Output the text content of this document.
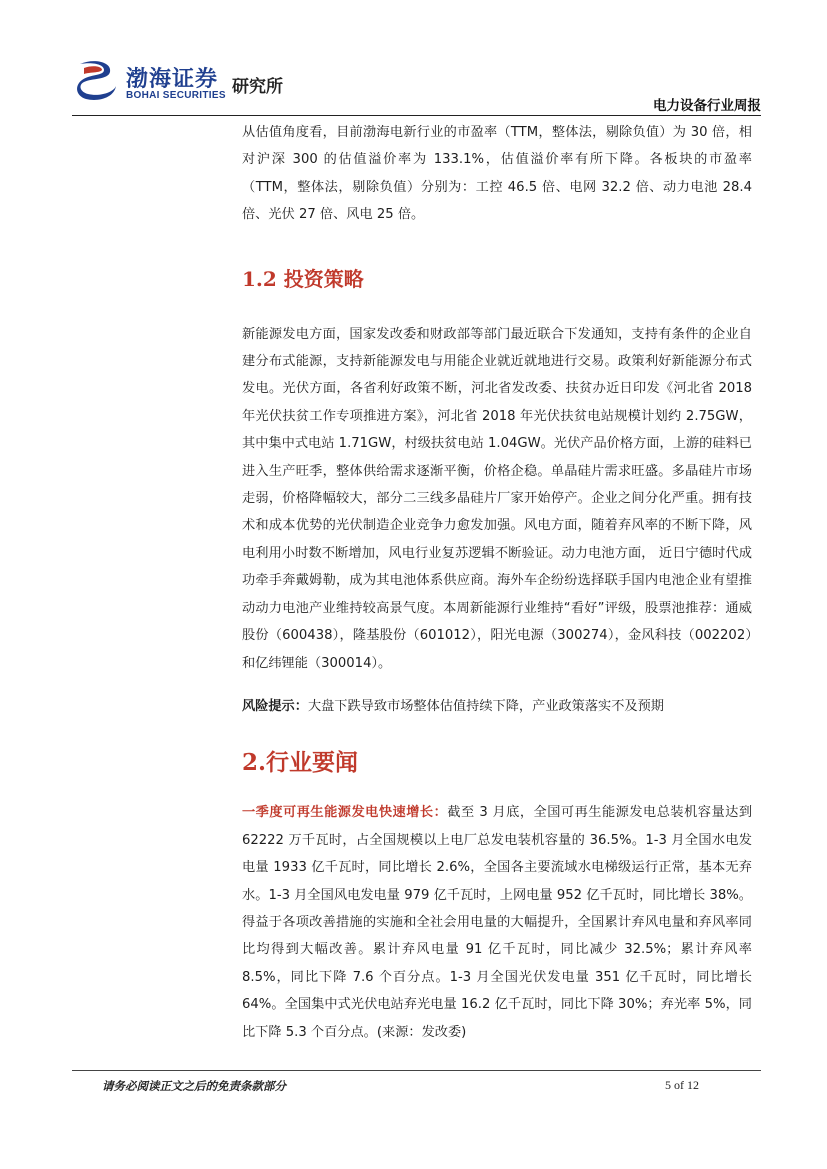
渤海证券
BOHAI SECURITIES 研究所
电力设备行业周报

从估值角度看，目前渤海电新行业的市盈率（TTM，整体法，剔除负值）为 30 倍，相对沪深 300 的估值溢价率为 133.1%，估值溢价率有所下降。各板块的市盈率（TTM，整体法，剔除负值）分别为：工控 46.5 倍、电网 32.2 倍、动力电池 28.4 倍、光伏 27 倍、风电 25 倍。

1.2 投资策略

新能源发电方面，国家发改委和财政部等部门最近联合下发通知，支持有条件的企业自建分布式能源，支持新能源发电与用能企业就近就地进行交易。政策利好新能源分布式发电。光伏方面，各省利好政策不断，河北省发改委、扶贫办近日印发《河北省 2018 年光伏扶贫工作专项推进方案》，河北省 2018 年光伏扶贫电站规模计划约 2.75GW，其中集中式电站 1.71GW，村级扶贫电站 1.04GW。光伏产品价格方面，上游的硅料已进入生产旺季，整体供给需求逐渐平衡，价格企稳。单晶硅片需求旺盛。多晶硅片市场走弱，价格降幅较大，部分二三线多晶硅片厂家开始停产。企业之间分化严重。拥有技术和成本优势的光伏制造企业竞争力愈发加强。风电方面，随着弃风率的不断下降，风电利用小时数不断增加，风电行业复苏逻辑不断验证。动力电池方面， 近日宁德时代成功牵手奔戴姆勒，成为其电池体系供应商。海外车企纷纷选择联手国内电池企业有望推动动力电池产业维持较高景气度。本周新能源行业维持“看好”评级，股票池推荐：通威股份（600438），隆基股份（601012），阳光电源（300274），金风科技（002202）和亿纬锂能（300014）。

风险提示：大盘下跌导致市场整体估值持续下降，产业政策落实不及预期

2.行业要闻

一季度可再生能源发电快速增长：截至 3 月底，全国可再生能源发电总装机容量达到 62222 万千瓦时，占全国规模以上电厂总发电装机容量的 36.5%。1-3 月全国水电发电量 1933 亿千瓦时，同比增长 2.6%，全国各主要流域水电梯级运行正常，基本无弃水。1-3 月全国风电发电量 979 亿千瓦时，上网电量 952 亿千瓦时，同比增长 38%。得益于各项改善措施的实施和全社会用电量的大幅提升，全国累计弃风电量和弃风率同比均得到大幅改善。累计弃风电量 91 亿千瓦时，同比减少 32.5%；累计弃风率 8.5%，同比下降 7.6 个百分点。1-3 月全国光伏发电量 351 亿千瓦时，同比增长 64%。全国集中式光伏电站弃光电量 16.2 亿千瓦时，同比下降 30%；弃光率 5%，同比下降 5.3 个百分点。(来源：发改委)

请务必阅读正文之后的免责条款部分	5 of 12
